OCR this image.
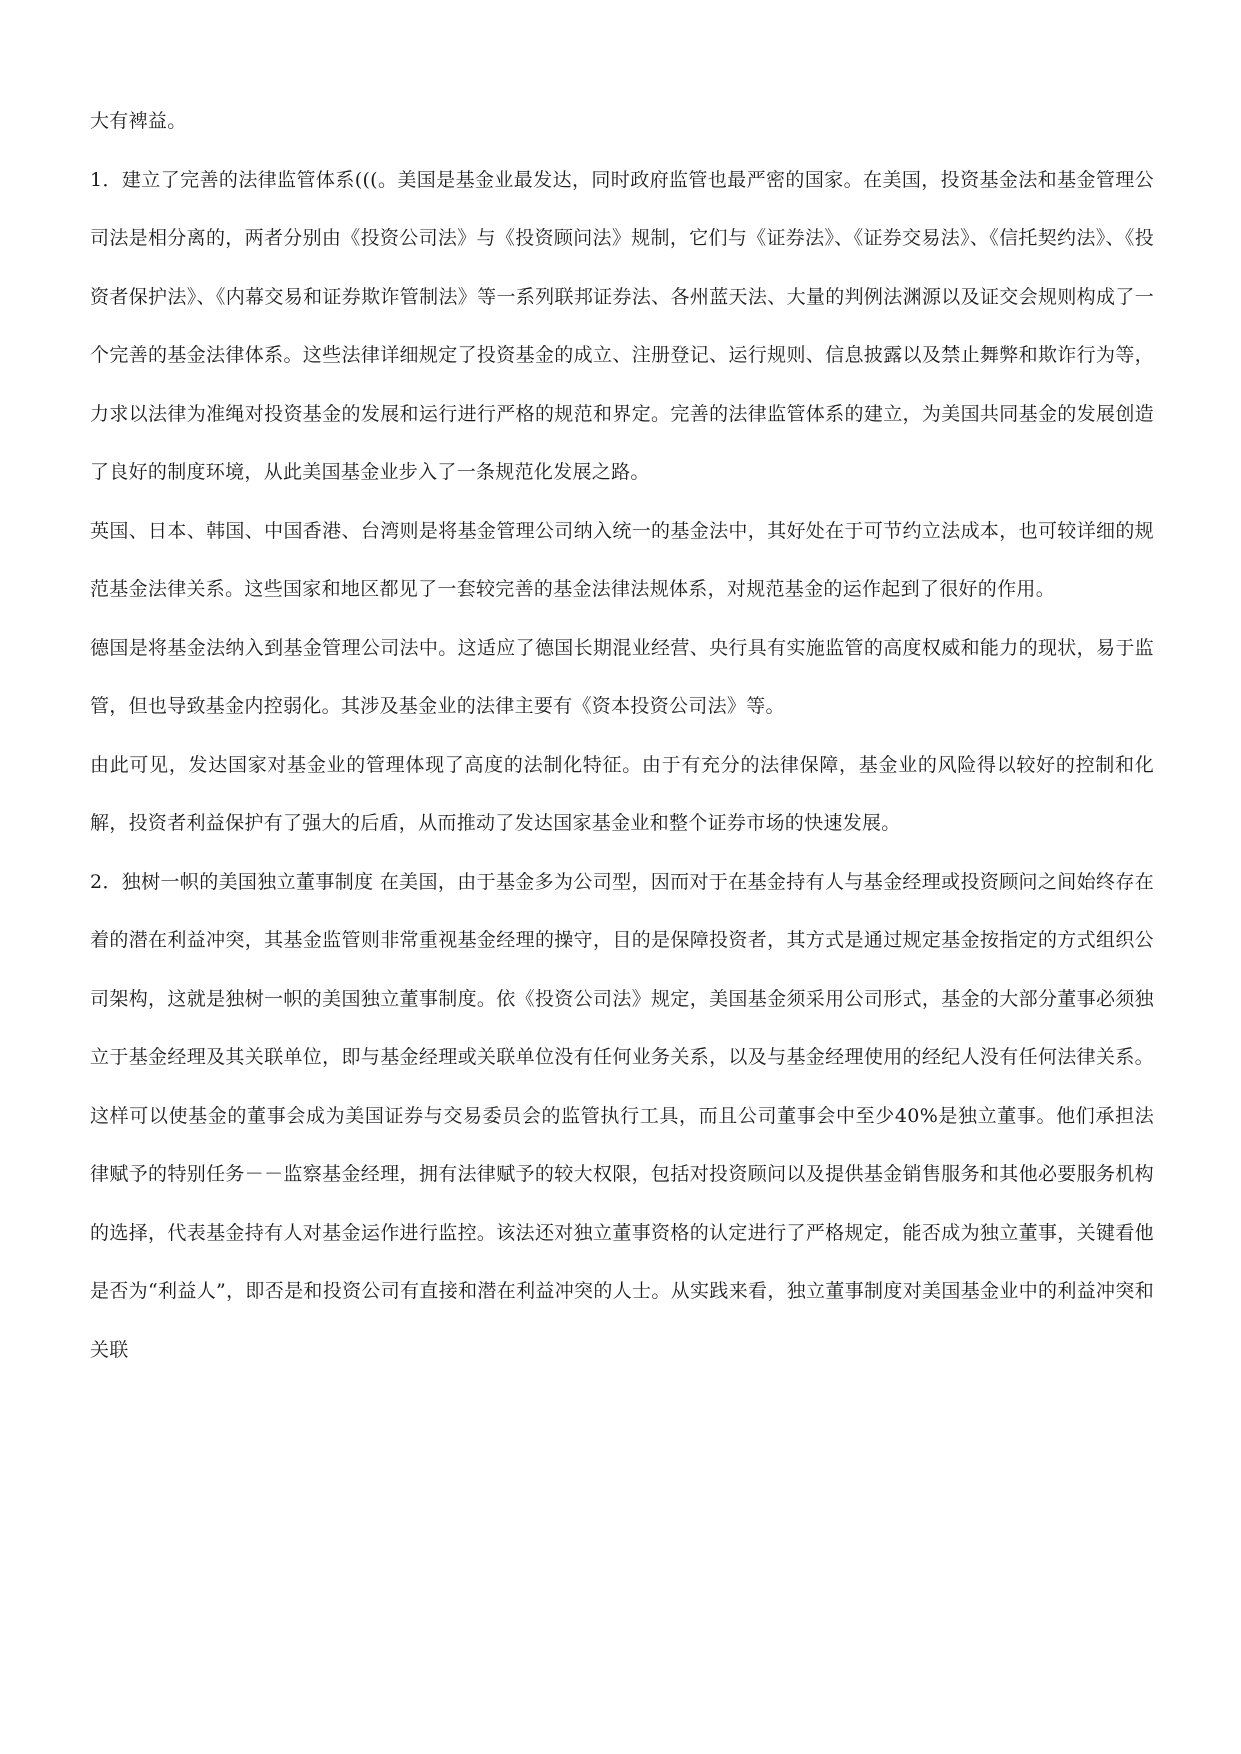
大有裨益。

1．建立了完善的法律监管体系(((。美国是基金业最发达，同时政府监管也最严密的国家。在美国，投资基金法和基金管理公司法是相分离的，两者分别由《投资公司法》与《投资顾问法》规制，它们与《证券法》、《证券交易法》、《信托契约法》、《投资者保护法》、《内幕交易和证券欺诈管制法》等一系列联邦证券法、各州蓝天法、大量的判例法渊源以及证交会规则构成了一个完善的基金法律体系。这些法律详细规定了投资基金的成立、注册登记、运行规则、信息披露以及禁止舞弊和欺诈行为等，力求以法律为准绳对投资基金的发展和运行进行严格的规范和界定。完善的法律监管体系的建立，为美国共同基金的发展创造了良好的制度环境，从此美国基金业步入了一条规范化发展之路。

英国、日本、韩国、中国香港、台湾则是将基金管理公司纳入统一的基金法中，其好处在于可节约立法成本，也可较详细的规范基金法律关系。这些国家和地区都见了一套较完善的基金法律法规体系，对规范基金的运作起到了很好的作用。

德国是将基金法纳入到基金管理公司法中。这适应了德国长期混业经营、央行具有实施监管的高度权威和能力的现状，易于监管，但也导致基金内控弱化。其涉及基金业的法律主要有《资本投资公司法》等。

由此可见，发达国家对基金业的管理体现了高度的法制化特征。由于有充分的法律保障，基金业的风险得以较好的控制和化解，投资者利益保护有了强大的后盾，从而推动了发达国家基金业和整个证券市场的快速发展。

2．独树一帜的美国独立董事制度 在美国，由于基金多为公司型，因而对于在基金持有人与基金经理或投资顾问之间始终存在着的潜在利益冲突，其基金监管则非常重视基金经理的操守，目的是保障投资者，其方式是通过规定基金按指定的方式组织公司架构，这就是独树一帜的美国独立董事制度。依《投资公司法》规定，美国基金须采用公司形式，基金的大部分董事必须独立于基金经理及其关联单位，即与基金经理或关联单位没有任何业务关系，以及与基金经理使用的经纪人没有任何法律关系。这样可以使基金的董事会成为美国证券与交易委员会的监管执行工具，而且公司董事会中至少40%是独立董事。他们承担法律赋予的特别任务－－监察基金经理，拥有法律赋予的较大权限，包括对投资顾问以及提供基金销售服务和其他必要服务机构的选择，代表基金持有人对基金运作进行监控。该法还对独立董事资格的认定进行了严格规定，能否成为独立董事，关键看他是否为“利益人”，即否是和投资公司有直接和潜在利益冲突的人士。从实践来看，独立董事制度对美国基金业中的利益冲突和关联
